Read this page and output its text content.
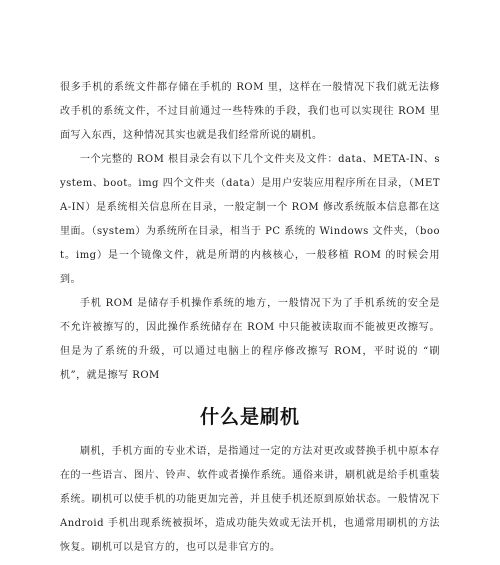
很多手机的系统文件都存储在手机的 ROM 里，这样在一般情况下我们就无法修改手机的系统文件，不过目前通过一些特殊的手段，我们也可以实现往 ROM 里面写入东西，这种情况其实也就是我们经常所说的刷机。

一个完整的 ROM 根目录会有以下几个文件夹及文件：data、META-IN、system、boot。img 四个文件夹（data）是用户安装应用程序所在目录，（META-IN）是系统相关信息所在目录，一般定制一个 ROM 修改系统版本信息都在这里面。（system）为系统所在目录，相当于 PC 系统的 Windows 文件夹，（boot。img）是一个镜像文件，就是所谓的内核核心，一般移植 ROM 的时候会用到。

手机 ROM 是储存手机操作系统的地方，一般情况下为了手机系统的安全是不允许被擦写的，因此操作系统储存在 ROM 中只能被读取而不能被更改擦写。但是为了系统的升级，可以通过电脑上的程序修改擦写 ROM，平时说的 “刷机”，就是擦写 ROM

什么是刷机

刷机，手机方面的专业术语，是指通过一定的方法对更改或替换手机中原本存在的一些语言、图片、铃声、软件或者操作系统。通俗来讲，刷机就是给手机重装系统。刷机可以使手机的功能更加完善，并且使手机还原到原始状态。一般情况下 Android 手机出现系统被损坏，造成功能失效或无法开机，也通常用刷机的方法恢复。刷机可以是官方的，也可以是非官方的。
